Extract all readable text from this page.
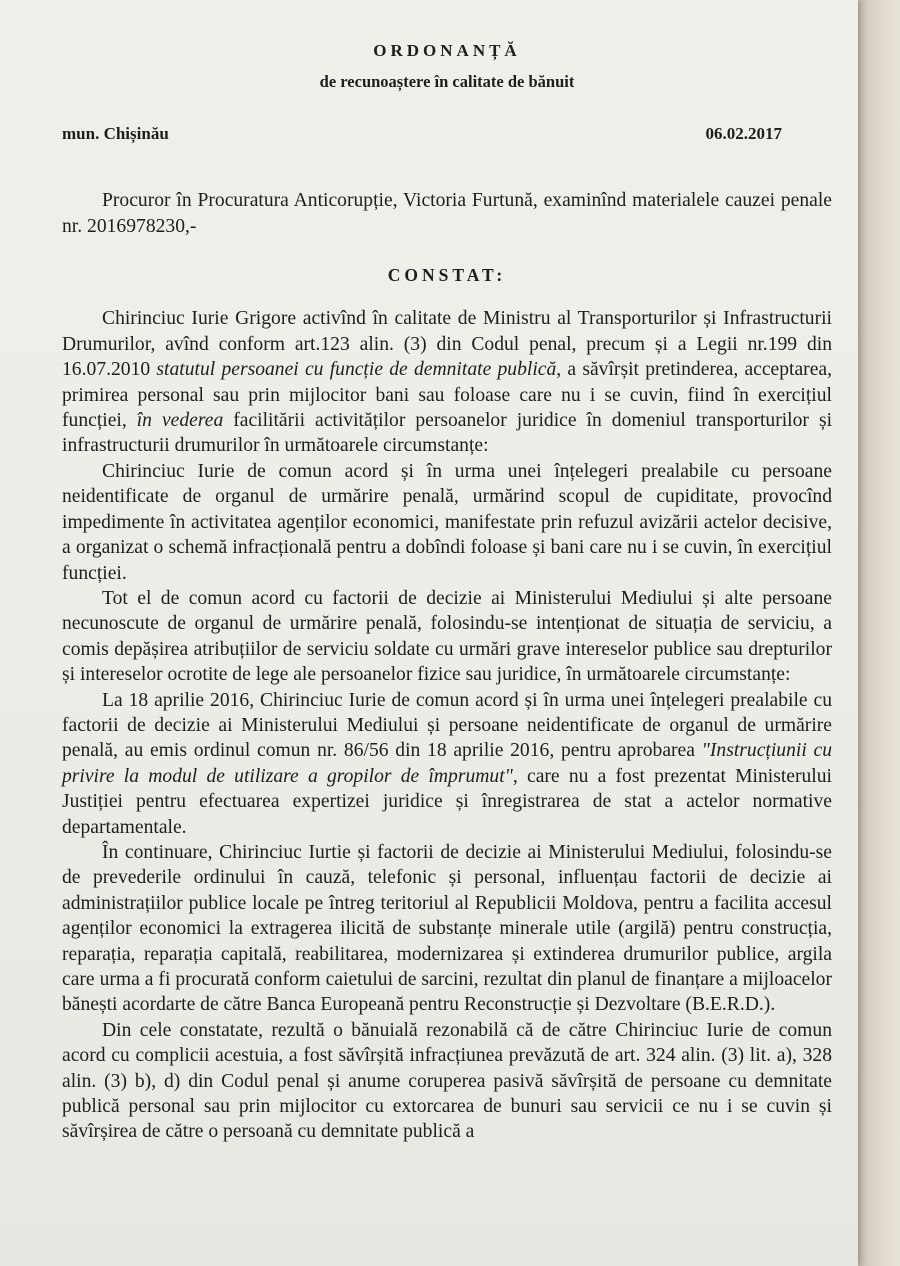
ORDONANȚĂ
de recunoaștere în calitate de bănuit
mun. Chișinău	06.02.2017

Procuror în Procuratura Anticorupție, Victoria Furtună, examinînd materialele cauzei penale nr. 2016978230,-

CONSTAT:

Chirinciuc Iurie Grigore activînd în calitate de Ministru al Transporturilor și Infrastructurii Drumurilor, avînd conform art.123 alin. (3) din Codul penal, precum și a Legii nr.199 din 16.07.2010 statutul persoanei cu funcție de demnitate publică, a săvîrșit pretinderea, acceptarea, primirea personal sau prin mijlocitor bani sau foloase care nu i se cuvin, fiind în exercițiul funcției, în vederea facilitării activităților persoanelor juridice în domeniul transporturilor și infrastructurii drumurilor în următoarele circumstanțe:

Chirinciuc Iurie de comun acord și în urma unei înțelegeri prealabile cu persoane neidentificate de organul de urmărire penală, urmărind scopul de cupiditate, provocînd impedimente în activitatea agenților economici, manifestate prin refuzul avizării actelor decisive, a organizat o schemă infracțională pentru a dobîndi foloase și bani care nu i se cuvin, în exercițiul funcției.

Tot el de comun acord cu factorii de decizie ai Ministerului Mediului și alte persoane necunoscute de organul de urmărire penală, folosindu-se intenționat de situația de serviciu, a comis depășirea atribuțiilor de serviciu soldate cu urmări grave intereselor publice sau drepturilor și intereselor ocrotite de lege ale persoanelor fizice sau juridice, în următoarele circumstanțe:

La 18 aprilie 2016, Chirinciuc Iurie de comun acord și în urma unei înțelegeri prealabile cu factorii de decizie ai Ministerului Mediului și persoane neidentificate de organul de urmărire penală, au emis ordinul comun nr. 86/56 din 18 aprilie 2016, pentru aprobarea "Instrucțiunii cu privire la modul de utilizare a gropilor de împrumut", care nu a fost prezentat Ministerului Justiției pentru efectuarea expertizei juridice și înregistrarea de stat a actelor normative departamentale.

În continuare, Chirinciuc Iurtie și factorii de decizie ai Ministerului Mediului, folosindu-se de prevederile ordinului în cauză, telefonic și personal, influențau factorii de decizie ai administrațiilor publice locale pe întreg teritoriul al Republicii Moldova, pentru a facilita accesul agenților economici la extragerea ilicită de substanțe minerale utile (argilă) pentru construcția, reparația, reparația capitală, reabilitarea, modernizarea și extinderea drumurilor publice, argila care urma a fi procurată conform caietului de sarcini, rezultat din planul de finanțare a mijloacelor bănești acordarte de către Banca Europeană pentru Reconstrucție și Dezvoltare (B.E.R.D.).

Din cele constatate, rezultă o bănuială rezonabilă că de către Chirinciuc Iurie de comun acord cu complicii acestuia, a fost săvîrșită infracțiunea prevăzută de art. 324 alin. (3) lit. a), 328 alin. (3) b), d) din Codul penal și anume coruperea pasivă săvîrșită de persoane cu demnitate publică personal sau prin mijlocitor cu extorcarea de bunuri sau servicii ce nu i se cuvin și săvîrșirea de către o persoană cu demnitate publică a
